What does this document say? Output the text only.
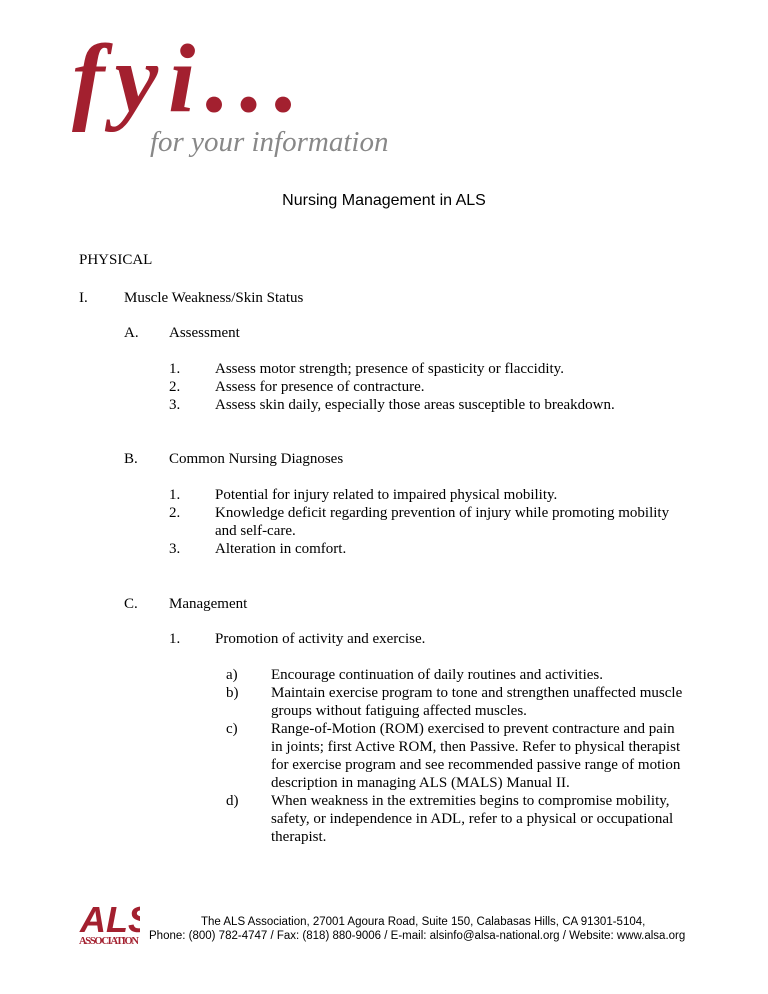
fyi...
for your information
Nursing Management in ALS
PHYSICAL
I. Muscle Weakness/Skin Status
A. Assessment
1. Assess motor strength; presence of spasticity or flaccidity.
2. Assess for presence of contracture.
3. Assess skin daily, especially those areas susceptible to breakdown.
B. Common Nursing Diagnoses
1. Potential for injury related to impaired physical mobility.
2. Knowledge deficit regarding prevention of injury while promoting mobility
and self-care.
3. Alteration in comfort.
C. Management
1. Promotion of activity and exercise.
a) Encourage continuation of daily routines and activities.
b) Maintain exercise program to tone and strengthen unaffected muscle
groups without fatiguing affected muscles.
c) Range-of-Motion (ROM) exercised to prevent contracture and pain
in joints; first Active ROM, then Passive. Refer to physical therapist
for exercise program and see recommended passive range of motion
description in managing ALS (MALS) Manual II.
d) When weakness in the extremities begins to compromise mobility,
safety, or independence in ADL, refer to a physical or occupational
therapist.
AL
ASSOCIATION
The ALS Association, 27001 Agoura Road, Suite 150, Calabasas Hills, CA 91301-5104,
Phone: (800) 782-4747 / Fax: (818) 880-9006 / E-mail: alsinfo@alsa-national.org / Website: www.alsa.org
